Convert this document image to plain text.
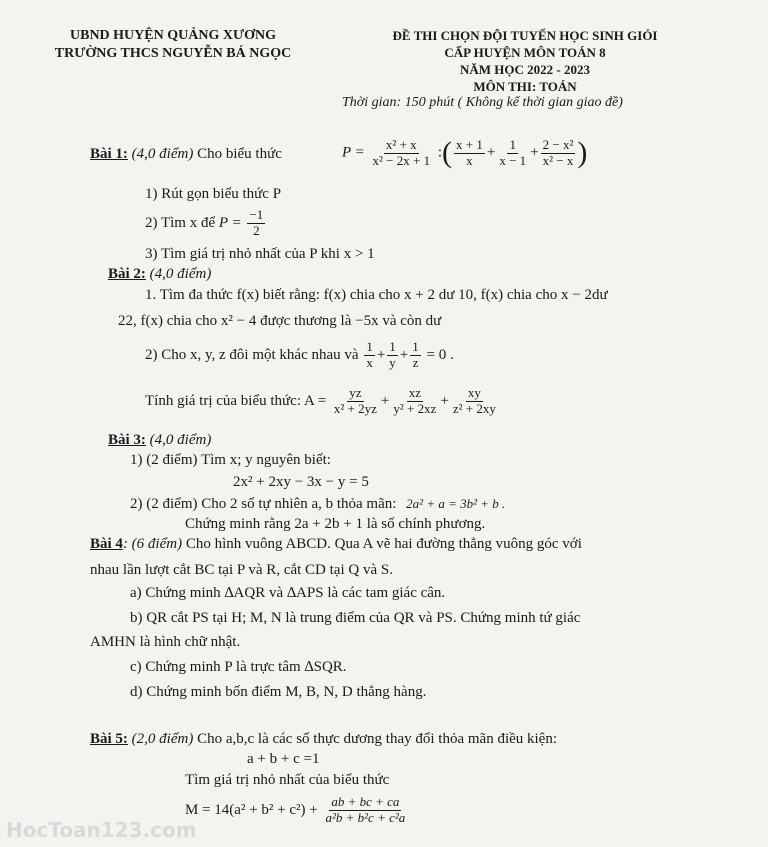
UBND HUYỆN QUẢNG XƯƠNG
TRƯỜNG THCS NGUYỄN BÁ NGỌC
ĐỀ THI CHỌN ĐỘI TUYỂN HỌC SINH GIỎI
CẤP HUYỆN MÔN TOÁN 8
NĂM HỌC 2022 - 2023
MÔN THI: TOÁN
Thời gian: 150 phút ( Không kể thời gian giao đề)
Bài 1: (4,0 điểm) Cho biểu thức	$P = \frac{\text{x² + x}}{\text{x² − 2x + 1}}$ :( $\frac{x + 1}{x} + \frac{1}{x - 1} + \frac{\text{2 − x²}}{\text{x² − x}}$ )
1) Rút gọn biểu thức P
2) Tìm x để $P = \frac{-1}{2}$
3) Tìm giá trị nhỏ nhất của P khi x > 1
Bài 2: (4,0 điểm)
1. Tìm đa thức f(x) biết rằng: f(x) chia cho x + 2 dư 10, f(x) chia cho x − 2dư
22, f(x) chia cho x² − 4 được thương là −5x và còn dư
2) Cho x, y, z đôi một khác nhau và $\frac{1}{x} + \frac{1}{y} + \frac{1}{z} = 0$ .
Tính giá trị của biểu thức: $A = \frac{yz}{\text{x² + 2yz}} + \frac{xz}{\text{y² + 2xz}} + \frac{xy}{\text{z² + 2xy}}$
Bài 3: (4,0 điểm)
1) (2 điểm) Tìm x; y nguyên biết:
2x² + 2xy − 3x − y = 5
2) (2 điểm) Cho 2 số tự nhiên a, b thỏa mãn: 2a² + a = 3b² + b .
Chứng minh rằng 2a + 2b + 1 là số chính phương.
Bài 4: (6 điểm) Cho hình vuông ABCD. Qua A vẽ hai đường thẳng vuông góc với
nhau lần lượt cắt BC tại P và R, cắt CD tại Q và S.
a) Chứng minh ∆AQR và ∆APS là các tam giác cân.
b) QR cắt PS tại H; M, N là trung điểm của QR và PS. Chứng minh tứ giác
AMHN là hình chữ nhật.
c) Chứng minh P là trực tâm ∆SQR.
d) Chứng minh bốn điểm M, B, N, D thẳng hàng.
Bài 5: (2,0 điểm) Cho a,b,c là các số thực dương thay đổi thỏa mãn điều kiện:
a + b + c =1
Tìm giá trị nhỏ nhất của biểu thức
$M = 14(a^2 + b^2 + c^2) + \frac{ab + bc + ca}{\text{a²b + b²c + c²a}}$
HocToan123.com
